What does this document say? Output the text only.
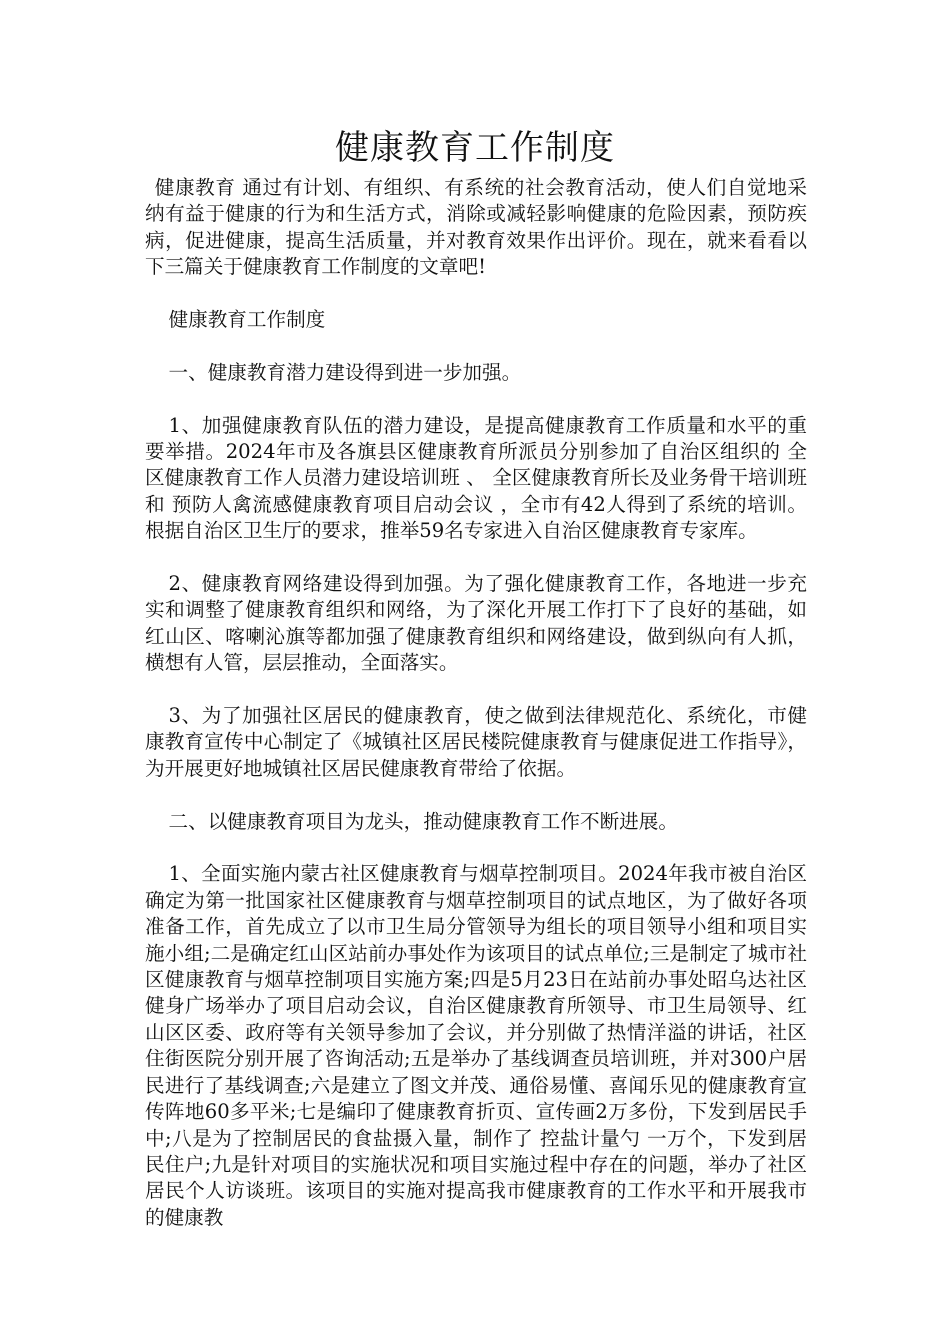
健康教育工作制度

健康教育 通过有计划、有组织、有系统的社会教育活动，使人们自觉地采纳有益于健康的行为和生活方式，消除或减轻影响健康的危险因素，预防疾病，促进健康，提高生活质量，并对教育效果作出评价。现在，就来看看以下三篇关于健康教育工作制度的文章吧!

健康教育工作制度

一、健康教育潜力建设得到进一步加强。

1、加强健康教育队伍的潜力建设，是提高健康教育工作质量和水平的重要举措。2024年市及各旗县区健康教育所派员分别参加了自治区组织的 全区健康教育工作人员潜力建设培训班 、 全区健康教育所长及业务骨干培训班 和 预防人禽流感健康教育项目启动会议 ，全市有42人得到了系统的培训。根据自治区卫生厅的要求，推举59名专家进入自治区健康教育专家库。

2、健康教育网络建设得到加强。为了强化健康教育工作，各地进一步充实和调整了健康教育组织和网络，为了深化开展工作打下了良好的基础，如红山区、喀喇沁旗等都加强了健康教育组织和网络建设，做到纵向有人抓，横想有人管，层层推动，全面落实。

3、为了加强社区居民的健康教育，使之做到法律规范化、系统化，市健康教育宣传中心制定了《城镇社区居民楼院健康教育与健康促进工作指导》，为开展更好地城镇社区居民健康教育带给了依据。

二、以健康教育项目为龙头，推动健康教育工作不断进展。

1、全面实施内蒙古社区健康教育与烟草控制项目。2024年我市被自治区确定为第一批国家社区健康教育与烟草控制项目的试点地区，为了做好各项准备工作，首先成立了以市卫生局分管领导为组长的项目领导小组和项目实施小组;二是确定红山区站前办事处作为该项目的试点单位;三是制定了城市社区健康教育与烟草控制项目实施方案;四是5月23日在站前办事处昭乌达社区健身广场举办了项目启动会议，自治区健康教育所领导、市卫生局领导、红山区区委、政府等有关领导参加了会议，并分别做了热情洋溢的讲话，社区住街医院分别开展了咨询活动;五是举办了基线调查员培训班，并对300户居民进行了基线调查;六是建立了图文并茂、通俗易懂、喜闻乐见的健康教育宣传阵地60多平米;七是编印了健康教育折页、宣传画2万多份，下发到居民手中;八是为了控制居民的食盐摄入量，制作了 控盐计量勺 一万个，下发到居民住户;九是针对项目的实施状况和项目实施过程中存在的问题，举办了社区居民个人访谈班。该项目的实施对提高我市健康教育的工作水平和开展我市的健康教
